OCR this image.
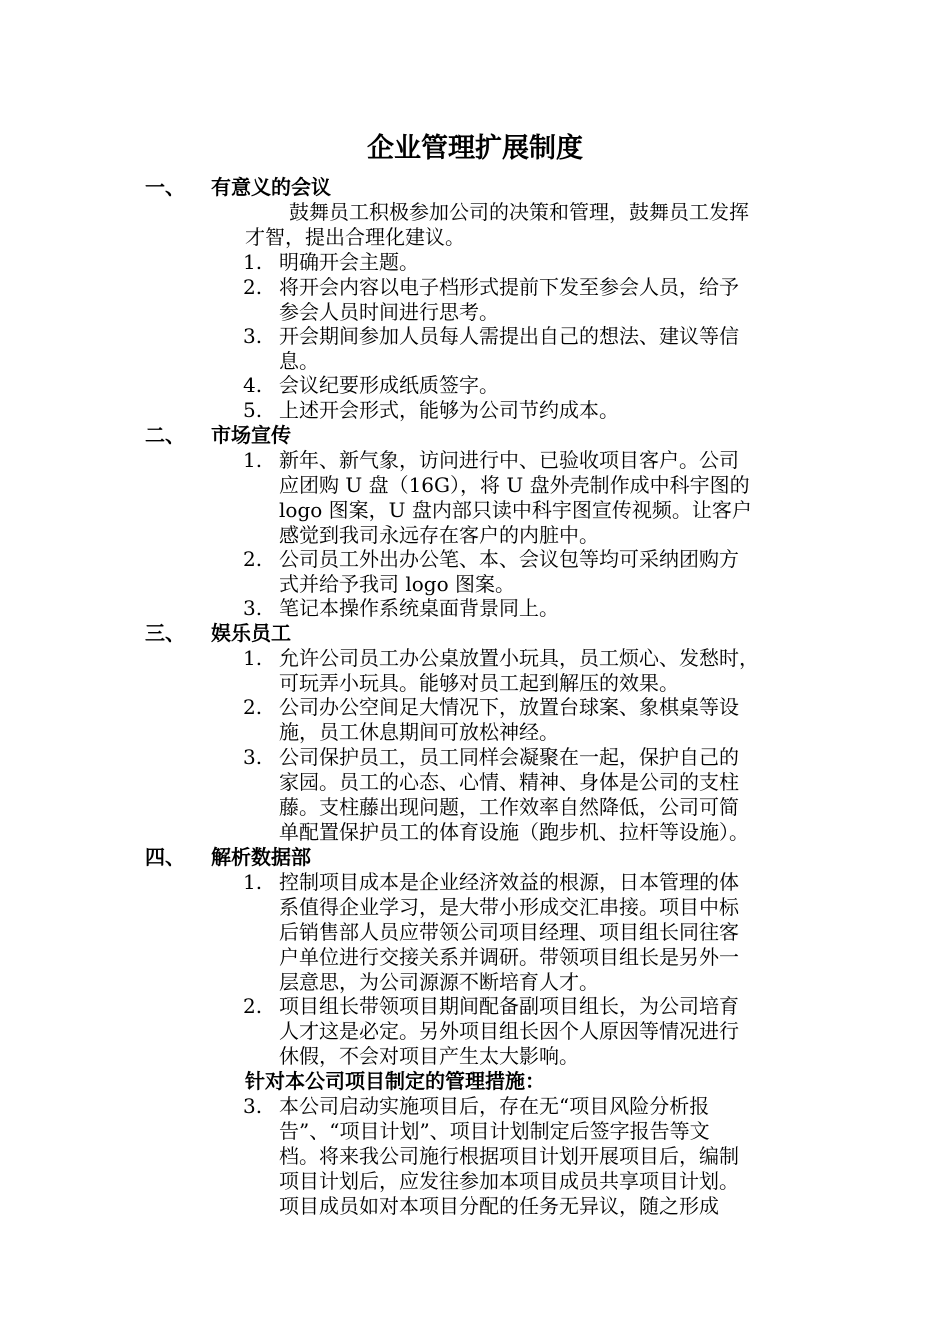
企业管理扩展制度
一、 有意义的会议
鼓舞员工积极参加公司的决策和管理，鼓舞员工发挥
才智，提出合理化建议。
1. 明确开会主题。
2. 将开会内容以电子档形式提前下发至参会人员，给予
参会人员时间进行思考。
3. 开会期间参加人员每人需提出自己的想法、建议等信
息。
4. 会议纪要形成纸质签字。
5. 上述开会形式，能够为公司节约成本。
二、 市场宣传
1. 新年、新气象，访问进行中、已验收项目客户。公司
应团购 U 盘（16G），将 U 盘外壳制作成中科宇图的
logo 图案，U 盘内部只读中科宇图宣传视频。让客户
感觉到我司永远存在客户的内脏中。
2. 公司员工外出办公笔、本、会议包等均可采纳团购方
式并给予我司 logo 图案。
3. 笔记本操作系统桌面背景同上。
三、 娱乐员工
1. 允许公司员工办公桌放置小玩具，员工烦心、发愁时，
可玩弄小玩具。能够对员工起到解压的效果。
2. 公司办公空间足大情况下，放置台球案、象棋桌等设
施，员工休息期间可放松神经。
3. 公司保护员工，员工同样会凝聚在一起，保护自己的
家园。员工的心态、心情、精神、身体是公司的支柱
藤。支柱藤出现问题，工作效率自然降低，公司可简
单配置保护员工的体育设施（跑步机、拉杆等设施）。
四、 解析数据部
1. 控制项目成本是企业经济效益的根源，日本管理的体
系值得企业学习，是大带小形成交汇串接。项目中标
后销售部人员应带领公司项目经理、项目组长同往客
户单位进行交接关系并调研。带领项目组长是另外一
层意思，为公司源源不断培育人才。
2. 项目组长带领项目期间配备副项目组长，为公司培育
人才这是必定。另外项目组长因个人原因等情况进行
休假，不会对项目产生太大影响。
针对本公司项目制定的管理措施：
3. 本公司启动实施项目后，存在无“项目风险分析报
告”、“项目计划”、项目计划制定后签字报告等文
档。将来我公司施行根据项目计划开展项目后，编制
项目计划后，应发往参加本项目成员共享项目计划。
项目成员如对本项目分配的任务无异议，随之形成
